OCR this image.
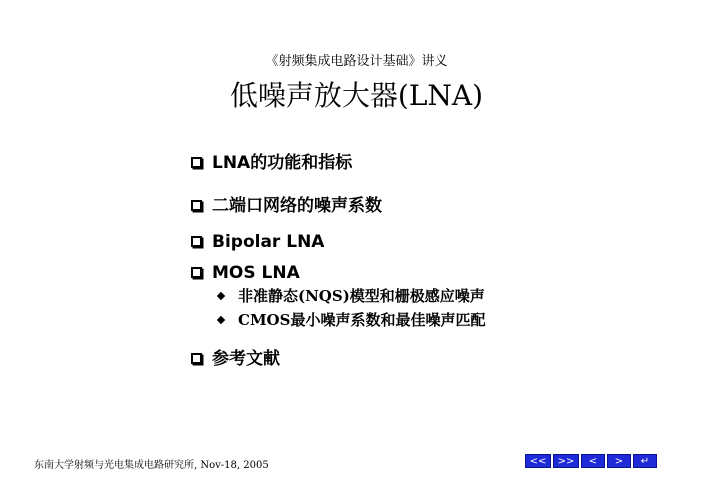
《射频集成电路设计基础》讲义
低噪声放大器(LNA)
LNA的功能和指标
二端口网络的噪声系数
Bipolar LNA
MOS LNA
非准静态(NQS)模型和栅极感应噪声
CMOS最小噪声系数和最佳噪声匹配
参考文献
东南大学射频与光电集成电路研究所, Nov-18, 2005	<<	>>	<	>	↵
